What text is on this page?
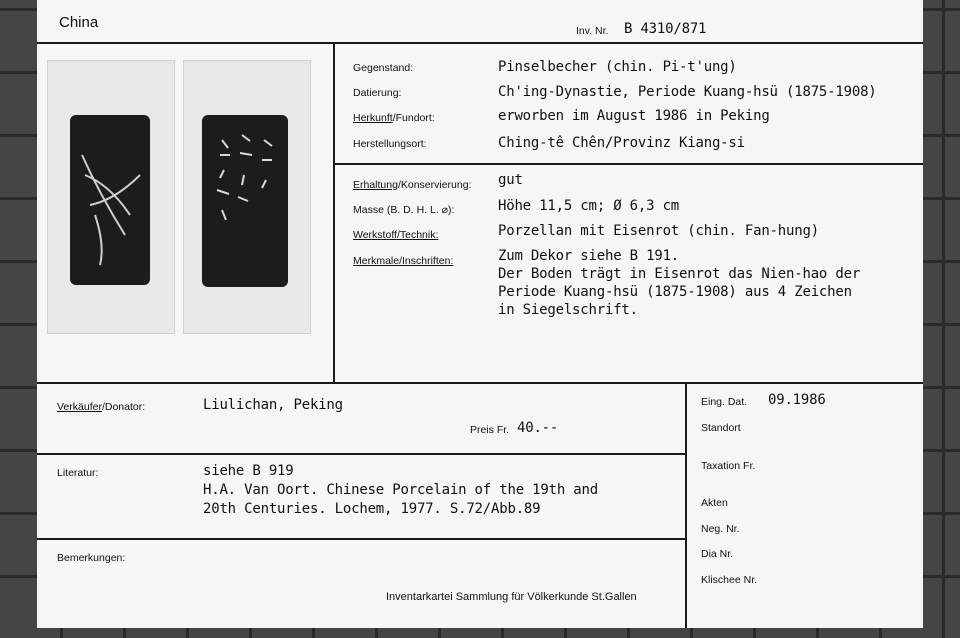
China	Inv. Nr. B 4310/871
Gegenstand:	Pinselbecher (chin. Pi-t'ung)
Datierung:	Ch'ing-Dynastie, Periode Kuang-hsü (1875-1908)
Herkunft/Fundort:	erworben im August 1986 in Peking
Herstellungsort:	Ching-tê Chên/Provinz Kiang-si
Erhaltung/Konservierung: gut
Masse (B. D. H. L. ⌀):	Höhe 11,5 cm; Ø 6,3 cm
Werkstoff/Technik:	Porzellan mit Eisenrot (chin. Fan-hung)
Merkmale/Inschriften:	Zum Dekor siehe B 191.
Der Boden trägt in Eisenrot das Nien-hao der
Periode Kuang-hsü (1875-1908) aus 4 Zeichen
in Siegelschrift.
Verkäufer/Donator:	Liulichan, Peking
Preis Fr. 40.--
Literatur:	siehe B 919
H.A. Van Oort. Chinese Porcelain of the 19th and
20th Centuries. Lochem, 1977. S.72/Abb.89
Bemerkungen:
Inventarkartei Sammlung für Völkerkunde St.Gallen
Eing. Dat. 09.1986
Standort
Taxation Fr.
Akten
Neg. Nr.
Dia Nr.
Klischee Nr.
